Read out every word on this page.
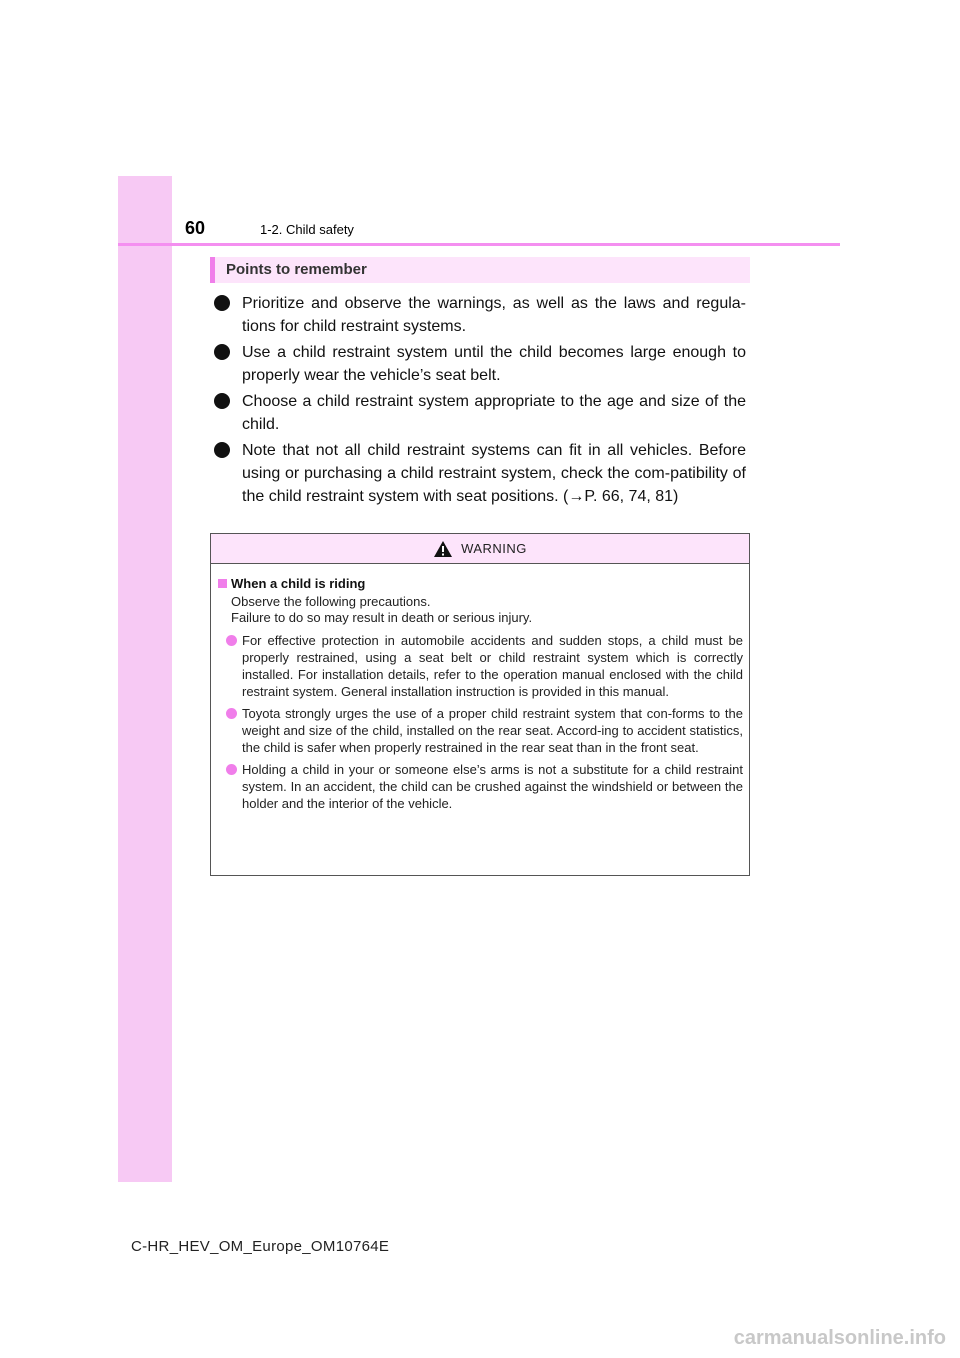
60	1-2. Child safety
Points to remember

Prioritize and observe the warnings, as well as the laws and regula-tions for child restraint systems.

Use a child restraint system until the child becomes large enough to properly wear the vehicle’s seat belt.

Choose a child restraint system appropriate to the age and size of the child.

Note that not all child restraint systems can fit in all vehicles. Before using or purchasing a child restraint system, check the com-patibility of the child restraint system with seat positions. (→P. 66, 74, 81)

WARNING
When a child is riding

Observe the following precautions.

Failure to do so may result in death or serious injury.

For effective protection in automobile accidents and sudden stops, a child must be properly restrained, using a seat belt or child restraint system which is correctly installed. For installation details, refer to the operation manual enclosed with the child restraint system. General installation instruction is provided in this manual.

Toyota strongly urges the use of a proper child restraint system that con-forms to the weight and size of the child, installed on the rear seat. Accord-ing to accident statistics, the child is safer when properly restrained in the rear seat than in the front seat.

Holding a child in your or someone else’s arms is not a substitute for a child restraint system. In an accident, the child can be crushed against the windshield or between the holder and the interior of the vehicle.

C-HR_HEV_OM_Europe_OM10764E
carmanualsonline.info
